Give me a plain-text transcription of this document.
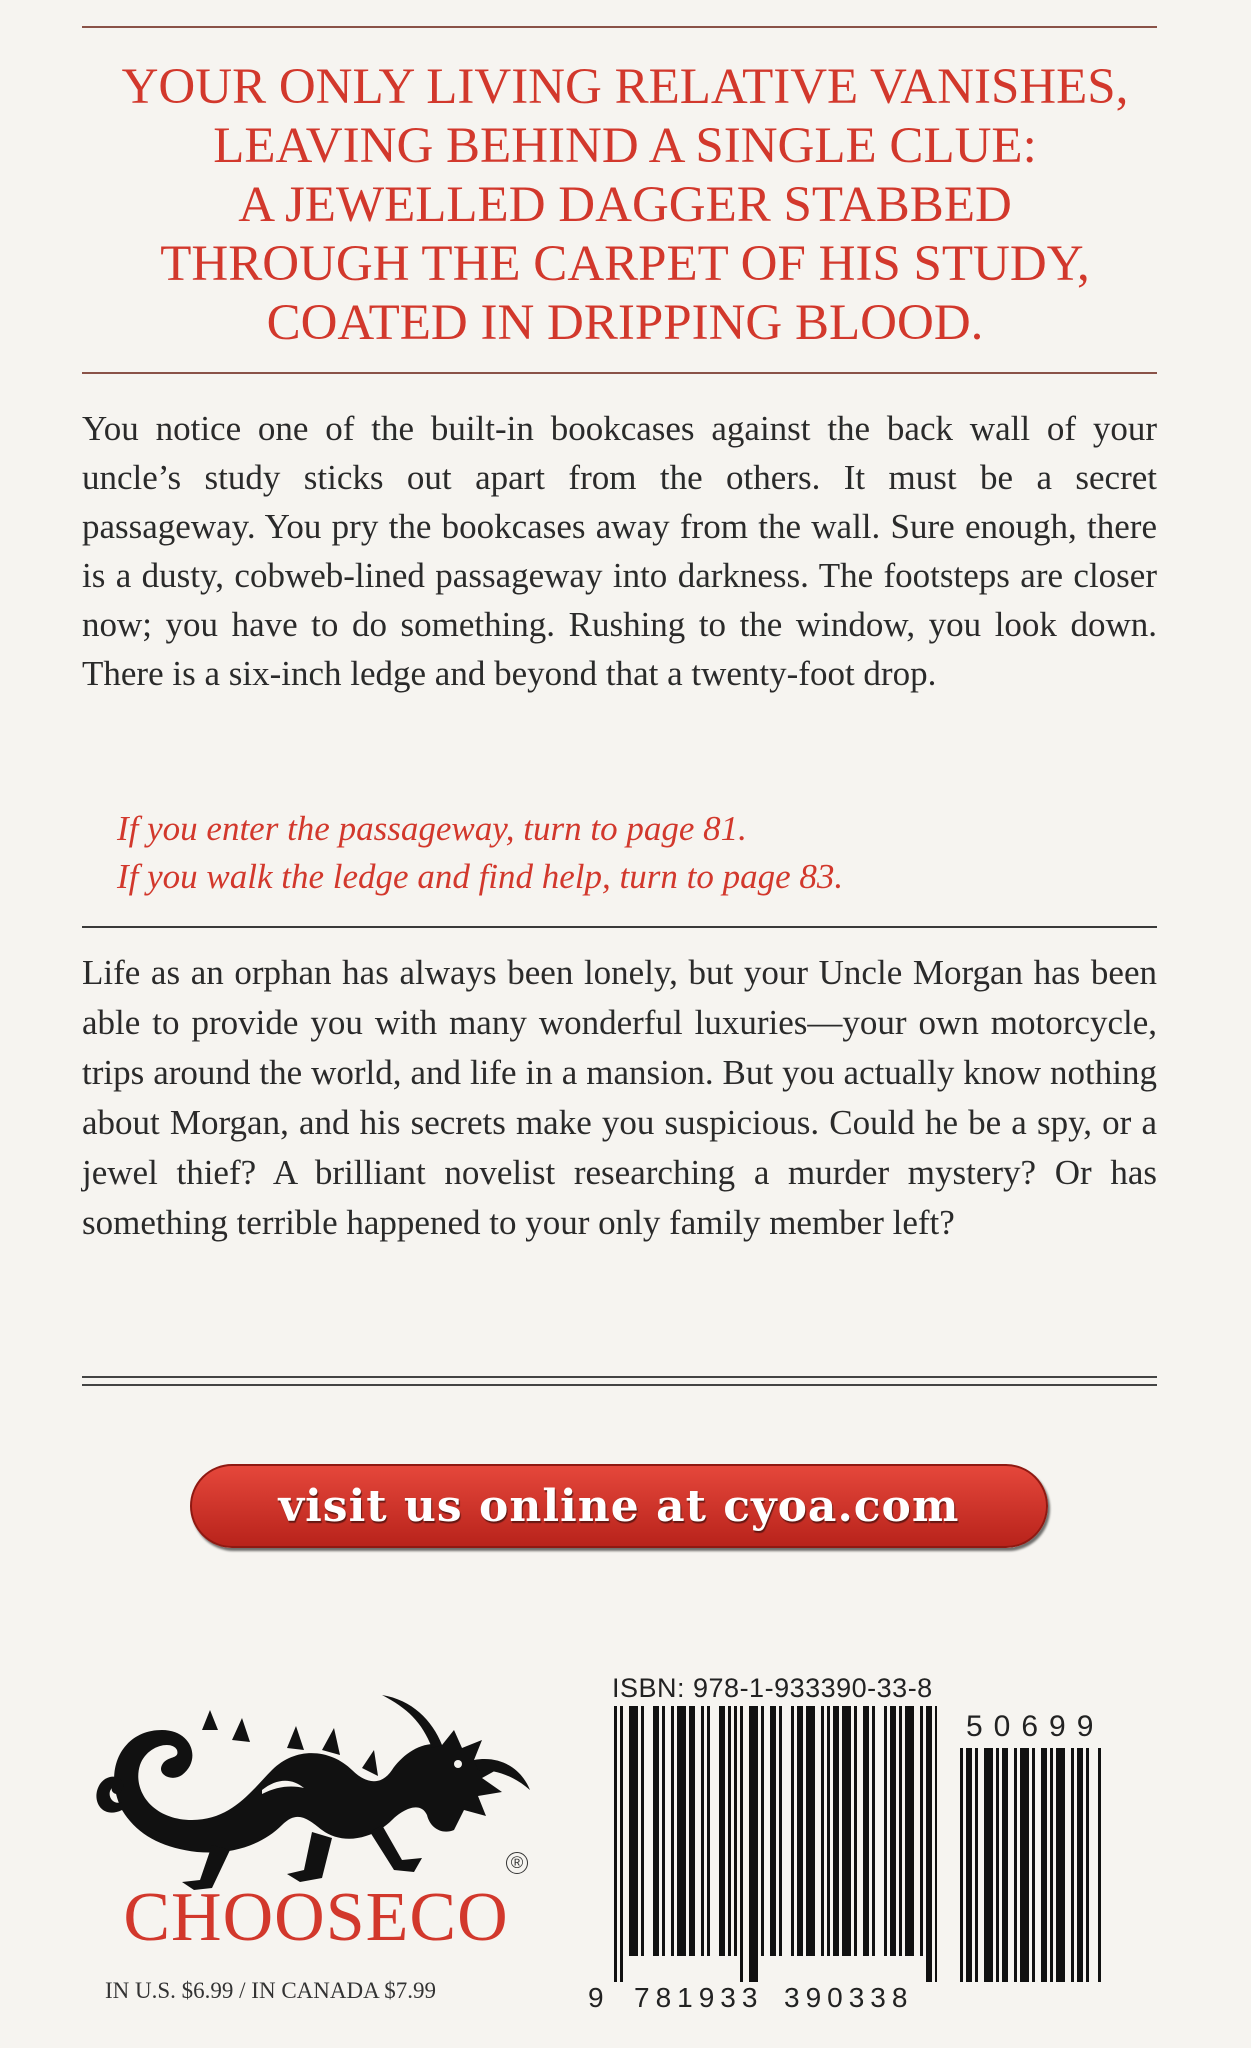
YOUR ONLY LIVING RELATIVE VANISHES,
LEAVING BEHIND A SINGLE CLUE:
A JEWELLED DAGGER STABBED
THROUGH THE CARPET OF HIS STUDY,
COATED IN DRIPPING BLOOD.
You notice one of the built-in bookcases against the back wall of your uncle’s study sticks out apart from the others. It must be a secret passageway. You pry the bookcases away from the wall. Sure enough, there is a dusty, cobweb-lined passageway into darkness. The footsteps are closer now; you have to do something. Rushing to the window, you look down. There is a six-inch ledge and beyond that a twenty-foot drop.
If you enter the passageway, turn to page 81.
If you walk the ledge and find help, turn to page 83.
Life as an orphan has always been lonely, but your Uncle Morgan has been able to provide you with many wonderful luxuries—your own motorcycle, trips around the world, and life in a mansion. But you actually know nothing about Morgan, and his secrets make you suspicious. Could he be a spy, or a jewel thief? A brilliant novelist researching a murder mystery? Or has something terrible happened to your only family member left?
visit us online at cyoa.com
CHOOSECO
®
IN U.S. $6.99 / IN CANADA $7.99
ISBN: 978-1-933390-33-8
50699
9 781933 390338
